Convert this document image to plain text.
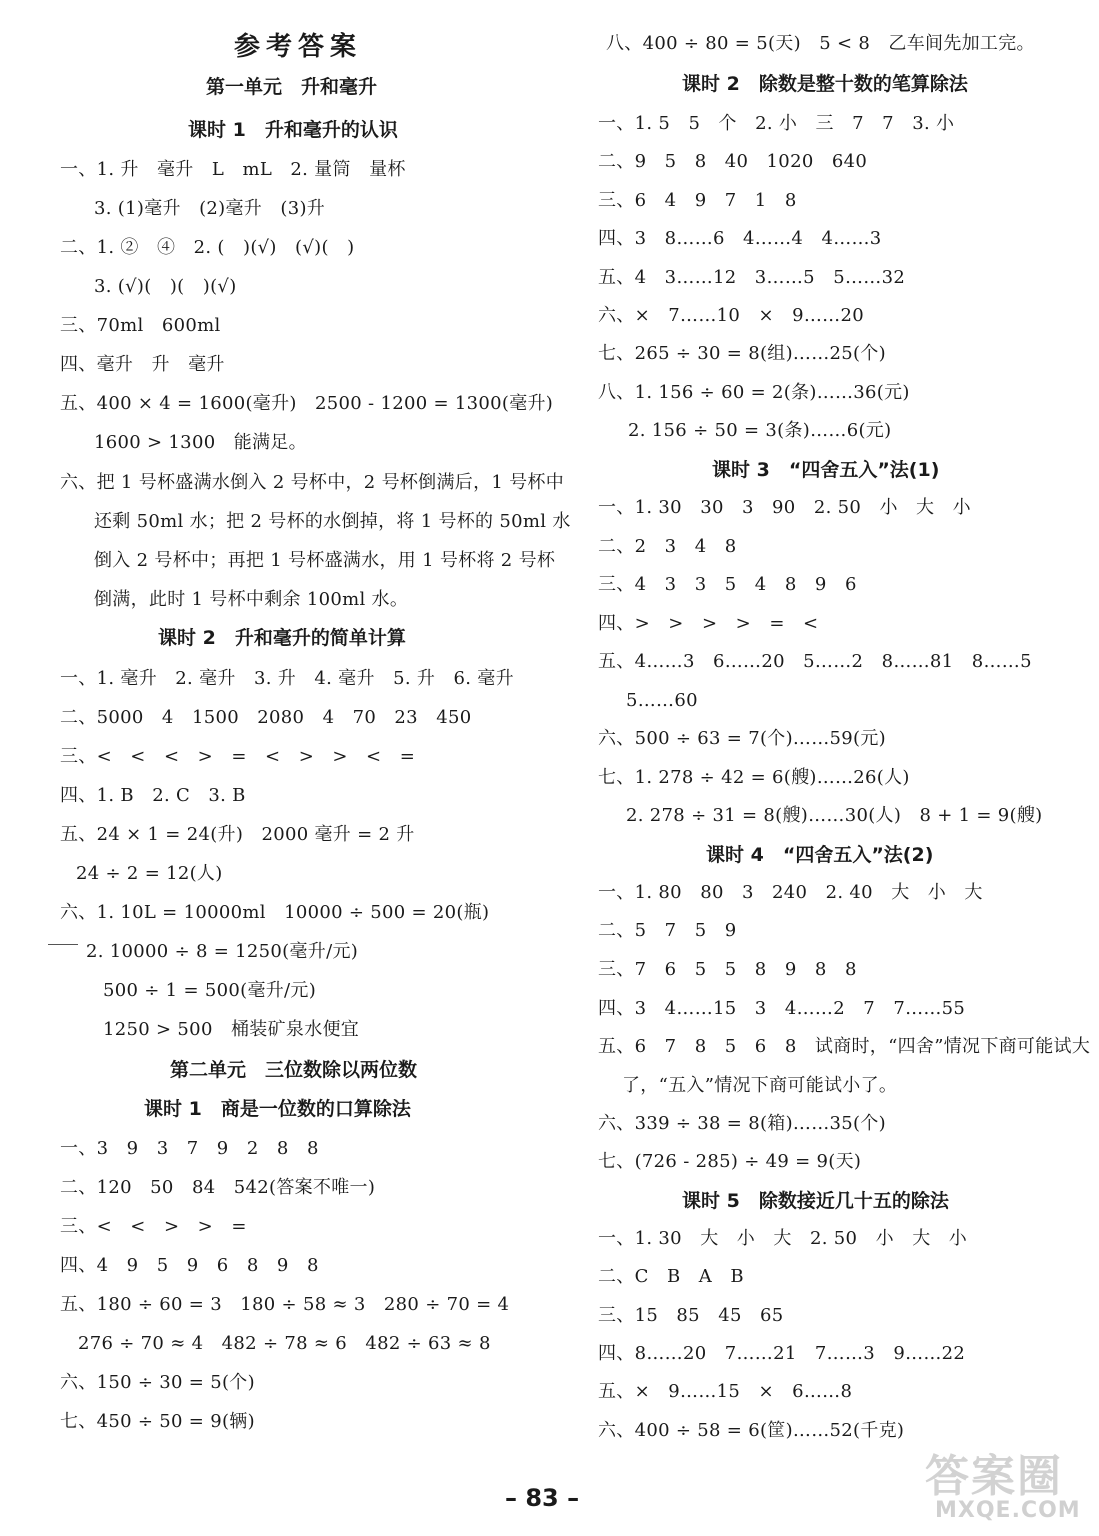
参考答案
第一单元　升和毫升
课时 1　升和毫升的认识
一、1. 升　毫升　L　mL　2. 量筒　量杯
3. (1)毫升　(2)毫升　(3)升
二、1. ②　④　2. (　)(√)　(√)(　)
3. (√)(　)(　)(√)
三、70ml　600ml
四、毫升　升　毫升
五、400 × 4 = 1600(毫升)　2500 - 1200 = 1300(毫升)
1600 > 1300　能满足。
六、把 1 号杯盛满水倒入 2 号杯中，2 号杯倒满后，1 号杯中
还剩 50ml 水；把 2 号杯的水倒掉，将 1 号杯的 50ml 水
倒入 2 号杯中；再把 1 号杯盛满水，用 1 号杯将 2 号杯
倒满，此时 1 号杯中剩余 100ml 水。
课时 2　升和毫升的简单计算
一、1. 毫升　2. 毫升　3. 升　4. 毫升　5. 升　6. 毫升
二、5000　4　1500　2080　4　70　23　450
三、<　<　<　>　=　<　>　>　<　=
四、1. B　2. C　3. B
五、24 × 1 = 24(升)　2000 毫升 = 2 升
24 ÷ 2 = 12(人)
六、1. 10L = 10000ml　10000 ÷ 500 = 20(瓶)
2. 10000 ÷ 8 = 1250(毫升/元)
500 ÷ 1 = 500(毫升/元)
1250 > 500　桶装矿泉水便宜
第二单元　三位数除以两位数
课时 1　商是一位数的口算除法
一、3　9　3　7　9　2　8　8
二、120　50　84　542(答案不唯一)
三、<　<　>　>　=
四、4　9　5　9　6　8　9　8
五、180 ÷ 60 = 3　180 ÷ 58 ≈ 3　280 ÷ 70 = 4
276 ÷ 70 ≈ 4　482 ÷ 78 ≈ 6　482 ÷ 63 ≈ 8
六、150 ÷ 30 = 5(个)
七、450 ÷ 50 = 9(辆)
八、400 ÷ 80 = 5(天)　5 < 8　乙车间先加工完。
课时 2　除数是整十数的笔算除法
一、1. 5　5　个　2. 小　三　7　7　3. 小
二、9　5　8　40　1020　640
三、6　4　9　7　1　8
四、3　8……6　4……4　4……3
五、4　3……12　3……5　5……32
六、×　7……10　×　9……20
七、265 ÷ 30 = 8(组)……25(个)
八、1. 156 ÷ 60 = 2(条)……36(元)
2. 156 ÷ 50 = 3(条)……6(元)
课时 3　“四舍五入”法(1)
一、1. 30　30　3　90　2. 50　小　大　小
二、2　3　4　8
三、4　3　3　5　4　8　9　6
四、>　>　>　>　=　<
五、4……3　6……20　5……2　8……81　8……5
5……60
六、500 ÷ 63 = 7(个)……59(元)
七、1. 278 ÷ 42 = 6(艘)……26(人)
2. 278 ÷ 31 = 8(艘)……30(人)　8 + 1 = 9(艘)
课时 4　“四舍五入”法(2)
一、1. 80　80　3　240　2. 40　大　小　大
二、5　7　5　9
三、7　6　5　5　8　9　8　8
四、3　4……15　3　4……2　7　7……55
五、6　7　8　5　6　8　试商时，“四舍”情况下商可能试大
了，“五入”情况下商可能试小了。
六、339 ÷ 38 = 8(箱)……35(个)
七、(726 - 285) ÷ 49 = 9(天)
课时 5　除数接近几十五的除法
一、1. 30　大　小　大　2. 50　小　大　小
二、C　B　A　B
三、15　85　45　65
四、8……20　7……21　7……3　9……22
五、×　9……15　×　6……8
六、400 ÷ 58 = 6(筐)……52(千克)
– 83 –	答案圈
MXQE.COM
